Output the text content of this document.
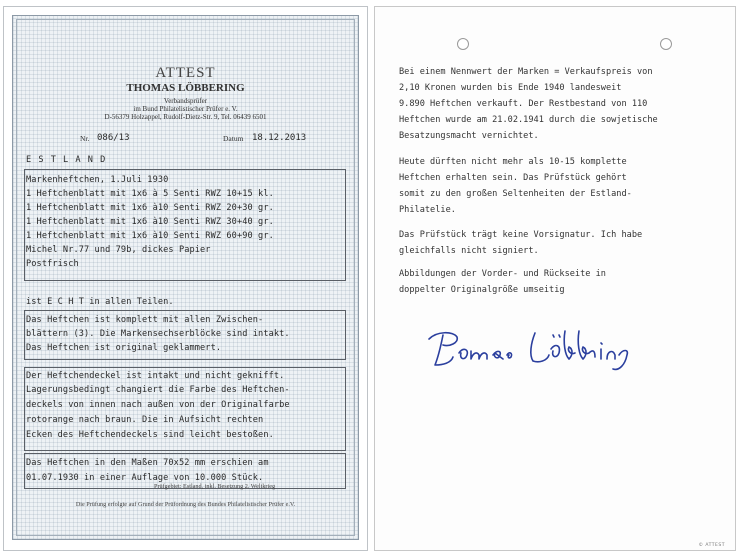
ATTEST
THOMAS LÖBBERING
Verbandsprüfer
im Bund Philatelistischer Prüfer e. V.
D-56379 Holzappel, Rudolf-Dietz-Str. 9, Tel. 06439 6501
Nr. 086/13	Datum 18.12.2013
E S T L A N D
Markenheftchen, 1.Juli 1930
1 Heftchenblatt mit 1x6 à 5 Senti RWZ 10+15 kl.
1 Heftchenblatt mit 1x6 à10 Senti RWZ 20+30 gr.
1 Heftchenblatt mit 1x6 à10 Senti RWZ 30+40 gr.
1 Heftchenblatt mit 1x6 à10 Senti RWZ 60+90 gr.
Michel Nr.77 und 79b, dickes Papier
Postfrisch
ist E C H T in allen Teilen.
Das Heftchen ist komplett mit allen Zwischen-
blättern (3). Die Markensechserblöcke sind intakt.
Das Heftchen ist original geklammert.
Der Heftchendeckel ist intakt und nicht geknifft.
Lagerungsbedingt changiert die Farbe des Heftchen-
deckels von innen nach außen von der Originalfarbe
rotorange nach braun. Die in Aufsicht rechten
Ecken des Heftchendeckels sind leicht bestoßen.
Das Heftchen in den Maßen 70x52 mm erschien am
01.07.1930 in einer Auflage von 10.000 Stück.
Prüfgebiet: Estland, inkl. Besetzung 2. Weltkrieg
Die Prüfung erfolgte auf Grund der Prüfordnung des Bundes Philatelistischer Prüfer e.V.
Bei einem Nennwert der Marken = Verkaufspreis von
2,10 Kronen wurden bis Ende 1940 landesweit
9.890 Heftchen verkauft. Der Restbestand von 110
Heftchen wurde am 21.02.1941 durch die sowjetische
Besatzungsmacht vernichtet.
Heute dürften nicht mehr als 10-15 komplette
Heftchen erhalten sein. Das Prüfstück gehört
somit zu den großen Seltenheiten der Estland-
Philatelie.
Das Prüfstück trägt keine Vorsignatur. Ich habe
gleichfalls nicht signiert.
Abbildungen der Vorder- und Rückseite in
doppelter Originalgröße umseitig
© ATTEST
